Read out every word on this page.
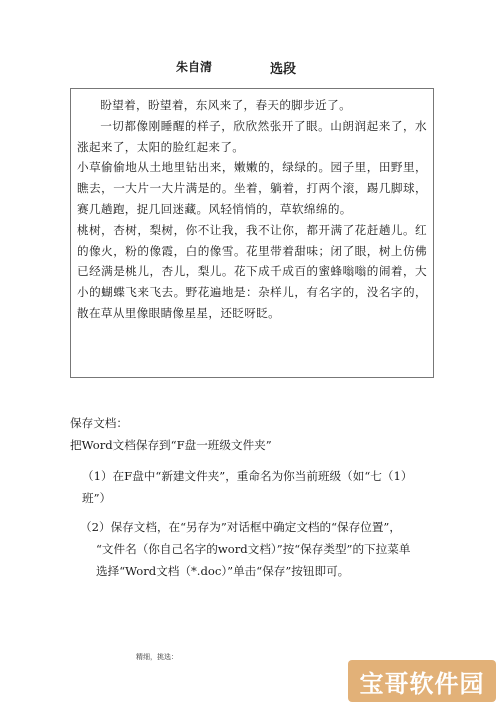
朱自清	选段

盼望着，盼望着，东风来了，春天的脚步近了。

一切都像刚睡醒的样子，欣欣然张开了眼。山朗润起来了，水涨起来了，太阳的脸红起来了。

小草偷偷地从土地里钻出来，嫩嫩的，绿绿的。园子里，田野里，瞧去，一大片一大片满是的。坐着，躺着，打两个滚，踢几脚球，赛几趟跑，捉几回迷藏。风轻悄悄的，草软绵绵的。

桃树，杏树，梨树，你不让我，我不让你，都开满了花赶趟儿。红的像火，粉的像霞，白的像雪。花里带着甜味；闭了眼，树上仿佛已经满是桃儿，杏儿，梨儿。花下成千成百的蜜蜂嗡嗡的闹着，大小的蝴蝶飞来飞去。野花遍地是：杂样儿，有名字的，没名字的，散在草从里像眼睛像星星，还眨呀眨。

保存文档：
把Word文档保存到“F盘一班级文件夹”
（1）在F盘中“新建文件夹”，重命名为你当前班级（如“七（1）班”）
（2）保存文档，在“另存为”对话框中确定文档的“保存位置”，
“文件名（你自己名字的word文档）”按“保存类型”的下拉菜单选择“Word文档（*.doc）”单击“保存”按钮即可。
精细，挑选：
宝哥软件园
